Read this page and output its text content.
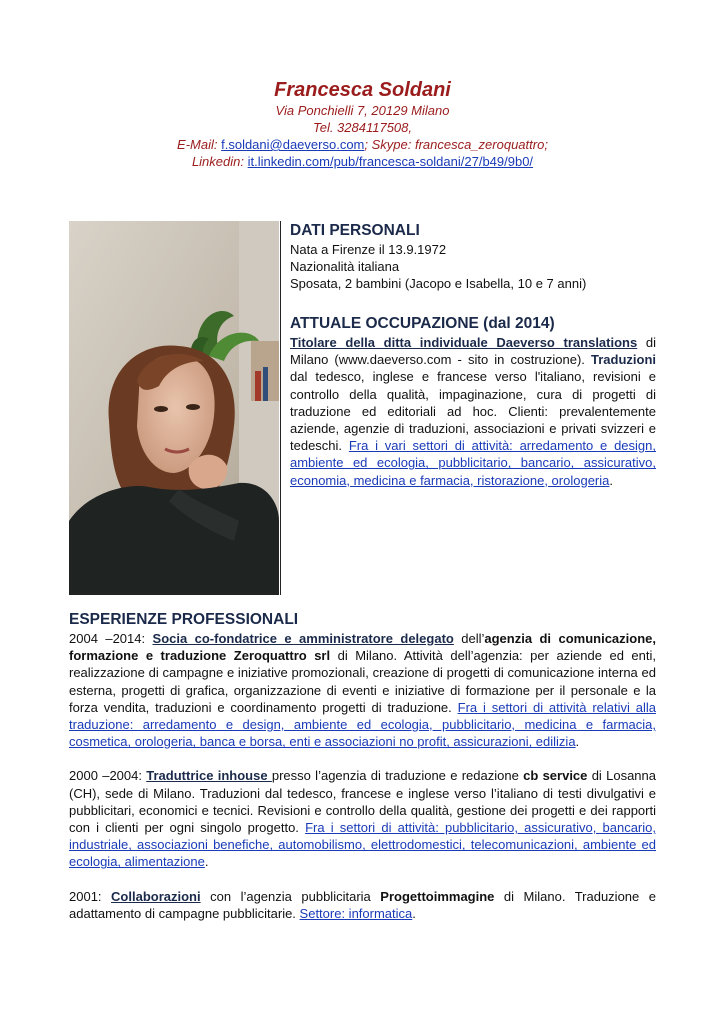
Francesca Soldani
Via Ponchielli 7, 20129 Milano
Tel. 3284117508,
E-Mail: f.soldani@daeverso.com; Skype: francesca_zeroquattro;
Linkedin: it.linkedin.com/pub/francesca-soldani/27/b49/9b0/
DATI PERSONALI
Nata a Firenze il 13.9.1972
Nazionalità italiana
Sposata, 2 bambini (Jacopo e Isabella, 10 e 7 anni)
ATTUALE OCCUPAZIONE (dal 2014)
Titolare della ditta individuale Daeverso translations di Milano (www.daeverso.com - sito in costruzione). Traduzioni dal tedesco, inglese e francese verso l'italiano, revisioni e controllo della qualità, impaginazione, cura di progetti di traduzione ed editoriali ad hoc. Clienti: prevalentemente aziende, agenzie di traduzioni, associazioni e privati svizzeri e tedeschi. Fra i vari settori di attività: arredamento e design, ambiente ed ecologia, pubblicitario, bancario, assicurativo, economia, medicina e farmacia, ristorazione, orologeria.
ESPERIENZE PROFESSIONALI
2004 –2014: Socia co-fondatrice e amministratore delegato dell’agenzia di comunicazione, formazione e traduzione Zeroquattro srl di Milano. Attività dell’agenzia: per aziende ed enti, realizzazione di campagne e iniziative promozionali, creazione di progetti di comunicazione interna ed esterna, progetti di grafica, organizzazione di eventi e iniziative di formazione per il personale e la forza vendita, traduzioni e coordinamento progetti di traduzione. Fra i settori di attività relativi alla traduzione: arredamento e design, ambiente ed ecologia, pubblicitario, medicina e farmacia, cosmetica, orologeria, banca e borsa, enti e associazioni no profit, assicurazioni, edilizia.
2000 –2004: Traduttrice inhouse presso l’agenzia di traduzione e redazione cb service di Losanna (CH), sede di Milano. Traduzioni dal tedesco, francese e inglese verso l’italiano di testi divulgativi e pubblicitari, economici e tecnici. Revisioni e controllo della qualità, gestione dei progetti e dei rapporti con i clienti per ogni singolo progetto. Fra i settori di attività: pubblicitario, assicurativo, bancario, industriale, associazioni benefiche, automobilismo, elettrodomestici, telecomunicazioni, ambiente ed ecologia, alimentazione.
2001: Collaborazioni con l’agenzia pubblicitaria Progettoimmagine di Milano. Traduzione e adattamento di campagne pubblicitarie. Settore: informatica.
